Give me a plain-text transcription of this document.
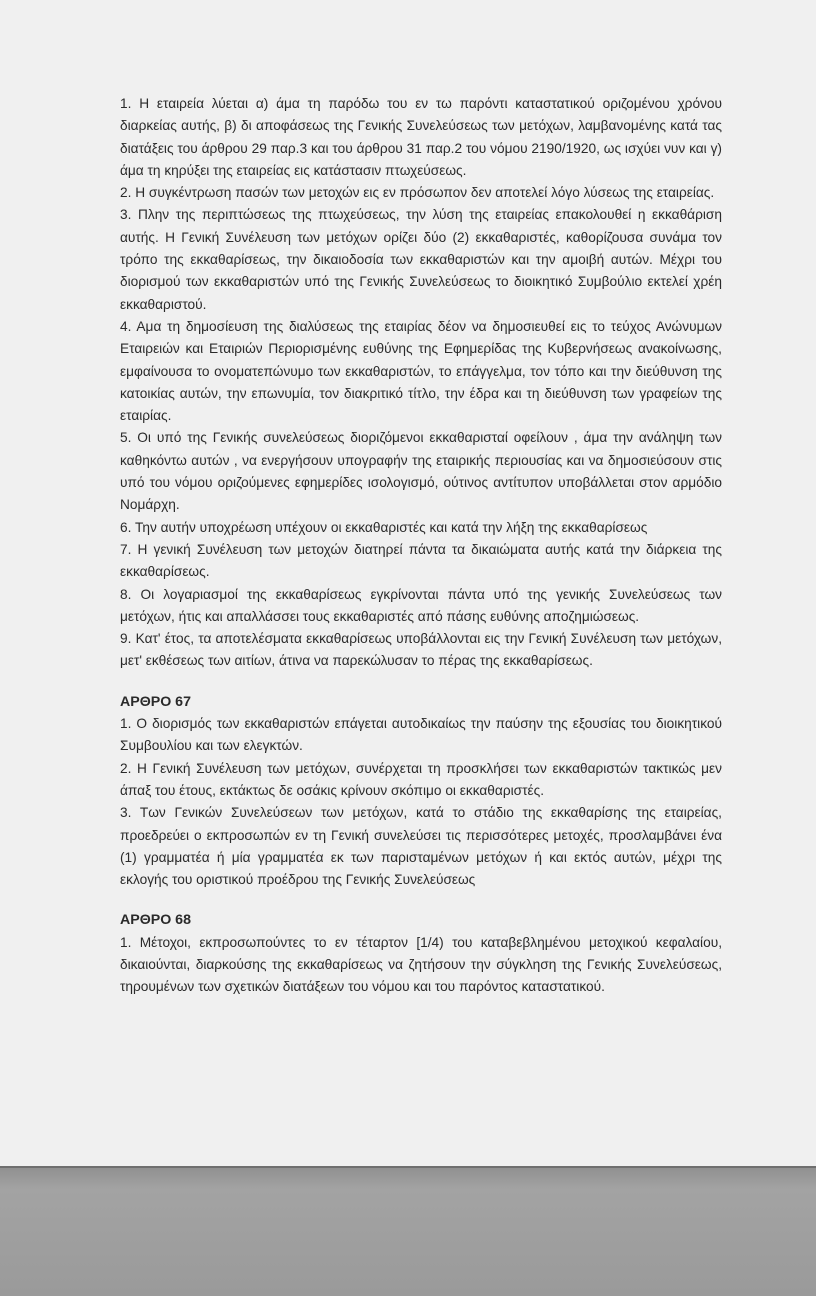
1. Η εταιρεία λύεται α) άμα τη παρόδω του εν τω παρόντι καταστατικού οριζομένου χρόνου διαρκείας αυτής, β) δι αποφάσεως της Γενικής Συνελεύσεως των μετόχων, λαμβανομένης κατά τας διατάξεις του άρθρου 29 παρ.3 και του άρθρου 31 παρ.2 του νόμου 2190/1920, ως ισχύει νυν και γ) άμα τη κηρύξει της εταιρείας εις κατάστασιν πτωχεύσεως.

2. Η συγκέντρωση πασών των μετοχών εις εν πρόσωπον δεν αποτελεί λόγο λύσεως της εταιρείας.

3. Πλην της περιπτώσεως της πτωχεύσεως, την λύση της εταιρείας επακολουθεί η εκκαθάριση αυτής. Η Γενική Συνέλευση των μετόχων ορίζει δύο (2) εκκαθαριστές, καθορίζουσα συνάμα τον τρόπο της εκκαθαρίσεως, την δικαιοδοσία των εκκαθαριστών και την αμοιβή αυτών. Μέχρι του διορισμού των εκκαθαριστών υπό της Γενικής Συνελεύσεως το διοικητικό Συμβούλιο εκτελεί χρέη εκκαθαριστού.

4. Αμα τη δημοσίευση της διαλύσεως της εταιρίας δέον να δημοσιευθεί εις το τεύχος Ανώνυμων Εταιρειών και Εταιριών Περιορισμένης ευθύνης της Εφημερίδας της Κυβερνήσεως ανακοίνωσης, εμφαίνουσα το ονοματεπώνυμο των εκκαθαριστών, το επάγγελμα, τον τόπο και την διεύθυνση της κατοικίας αυτών, την επωνυμία, τον διακριτικό τίτλο, την έδρα και τη διεύθυνση των γραφείων της εταιρίας.

5. Οι υπό της Γενικής συνελεύσεως διοριζόμενοι εκκαθαρισταί οφείλουν , άμα την ανάληψη των καθηκόντω αυτών , να ενεργήσουν υπογραφήν της εταιρικής περιουσίας και να δημοσιεύσουν στις υπό του νόμου οριζούμενες εφημερίδες ισολογισμό, ούτινος αντίτυπον υποβάλλεται στον αρμόδιο Νομάρχη.

6. Την αυτήν υποχρέωση υπέχουν οι εκκαθαριστές και κατά την λήξη της εκκαθαρίσεως

7. Η γενική Συνέλευση των μετοχών διατηρεί πάντα τα δικαιώματα αυτής κατά την διάρκεια της εκκαθαρίσεως.

8. Οι λογαριασμοί της εκκαθαρίσεως εγκρίνονται πάντα υπό της γενικής Συνελεύσεως των μετόχων, ήτις και απαλλάσσει τους εκκαθαριστές από πάσης ευθύνης αποζημιώσεως.

9. Κατ' έτος, τα αποτελέσματα εκκαθαρίσεως υποβάλλονται εις την Γενική Συνέλευση των μετόχων, μετ' εκθέσεως των αιτίων, άτινα να παρεκώλυσαν το πέρας της εκκαθαρίσεως.

ΑΡΘΡΟ 67

1. Ο διορισμός των εκκαθαριστών επάγεται αυτοδικαίως την παύσην της εξουσίας του διοικητικού Συμβουλίου και των ελεγκτών.

2. Η Γενική Συνέλευση των μετόχων, συνέρχεται τη προσκλήσει των εκκαθαριστών τακτικώς μεν άπαξ του έτους, εκτάκτως δε οσάκις κρίνουν σκόπιμο οι εκκαθαριστές.

3. Των Γενικών Συνελεύσεων των μετόχων, κατά το στάδιο της εκκαθαρίσης της εταιρείας, προεδρεύει ο εκπροσωπών εν τη Γενική συνελεύσει τις περισσότερες μετοχές, προσλαμβάνει ένα (1) γραμματέα ή μία γραμματέα εκ των παρισταμένων μετόχων ή και εκτός αυτών, μέχρι της εκλογής του οριστικού προέδρου της Γενικής Συνελεύσεως

ΑΡΘΡΟ 68

1. Μέτοχοι, εκπροσωπούντες το εν τέταρτον [1/4) του καταβεβλημένου μετοχικού κεφαλαίου, δικαιούνται, διαρκούσης της εκκαθαρίσεως να ζητήσουν την σύγκληση της Γενικής Συνελεύσεως, τηρουμένων των σχετικών διατάξεων του νόμου και του παρόντος καταστατικού.
